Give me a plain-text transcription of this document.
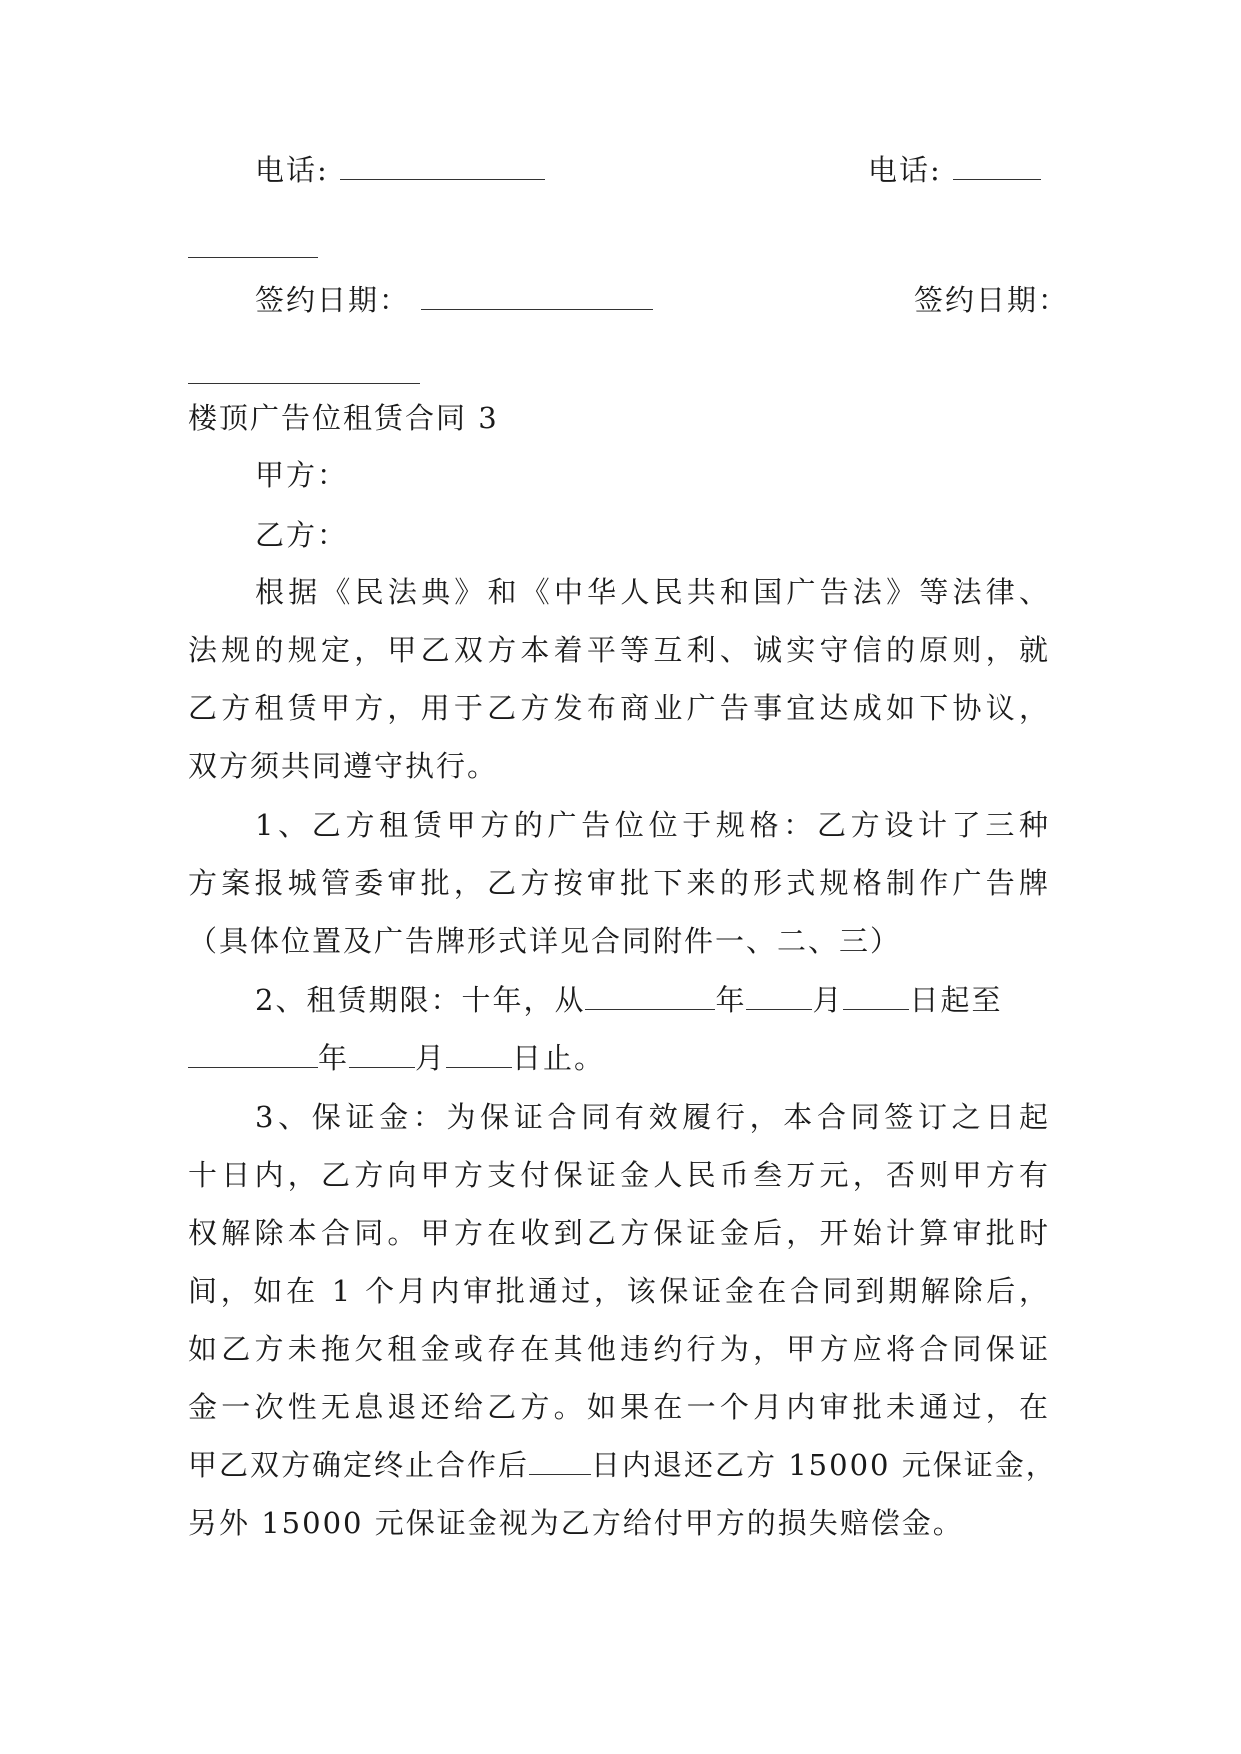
电话:	电话:
签约日期：	签约日期：
楼顶广告位租赁合同 3
甲方：
乙方：
根据《民法典》和《中华人民共和国广告法》等法律、
法规的规定，甲乙双方本着平等互利、诚实守信的原则，就
乙方租赁甲方，用于乙方发布商业广告事宜达成如下协议，
双方须共同遵守执行。
1、乙方租赁甲方的广告位位于规格：乙方设计了三种
方案报城管委审批，乙方按审批下来的形式规格制作广告牌
（具体位置及广告牌形式详见合同附件一、二、三）
2、租赁期限：十年，从	年 月 日起至
年 月 日止。
3、保证金：为保证合同有效履行，本合同签订之日起
十日内，乙方向甲方支付保证金人民币叁万元，否则甲方有
权解除本合同。甲方在收到乙方保证金后，开始计算审批时
间，如在 1 个月内审批通过，该保证金在合同到期解除后，
如乙方未拖欠租金或存在其他违约行为，甲方应将合同保证
金一次性无息退还给乙方。如果在一个月内审批未通过，在
甲乙双方确定终止合作后 日内退还乙方 15000 元保证金，
另外 15000 元保证金视为乙方给付甲方的损失赔偿金。
